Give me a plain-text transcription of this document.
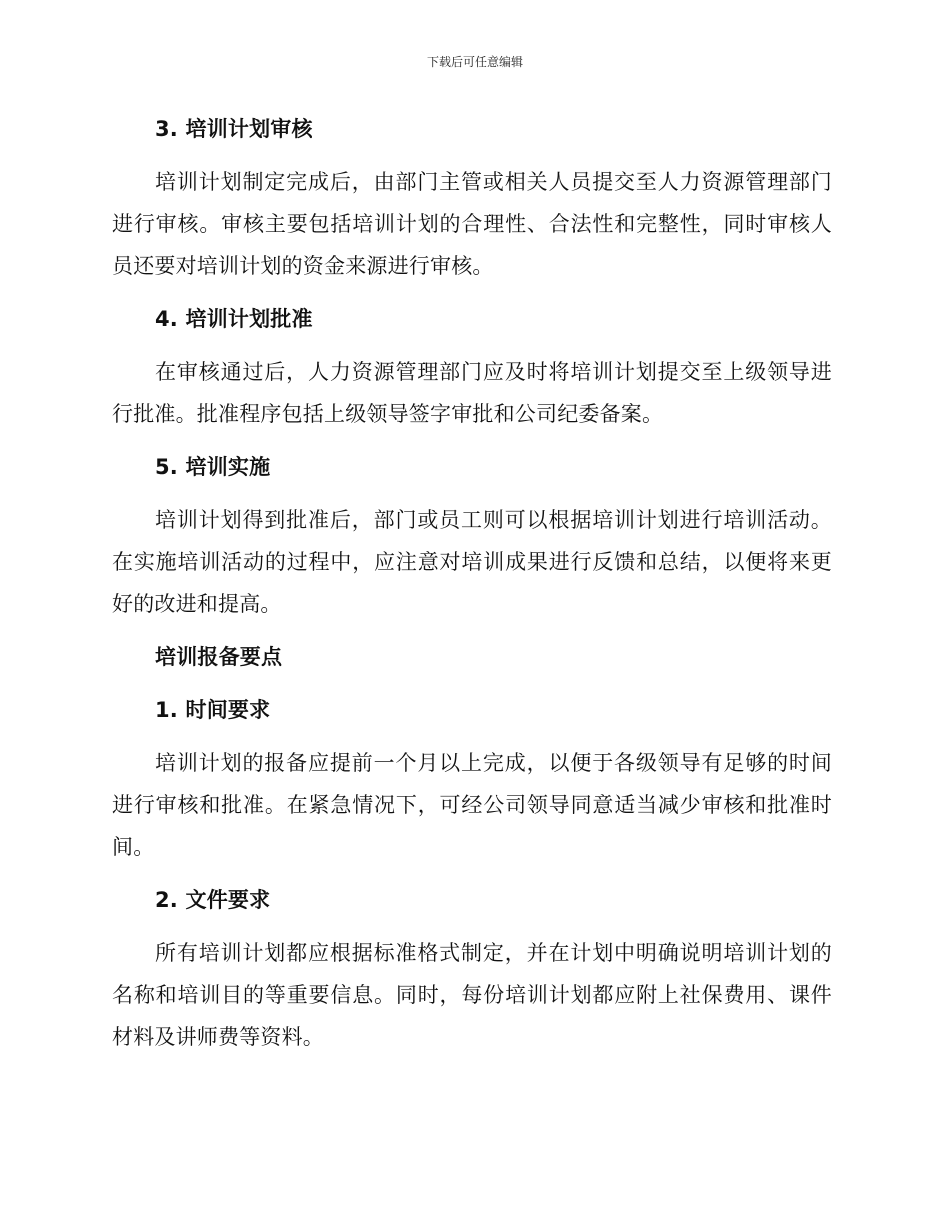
下载后可任意编辑
3. 培训计划审核

培训计划制定完成后，由部门主管或相关人员提交至人力资源管理部门进行审核。审核主要包括培训计划的合理性、合法性和完整性，同时审核人员还要对培训计划的资金来源进行审核。

4. 培训计划批准

在审核通过后，人力资源管理部门应及时将培训计划提交至上级领导进行批准。批准程序包括上级领导签字审批和公司纪委备案。

5. 培训实施

培训计划得到批准后，部门或员工则可以根据培训计划进行培训活动。在实施培训活动的过程中，应注意对培训成果进行反馈和总结，以便将来更好的改进和提高。

培训报备要点
1. 时间要求

培训计划的报备应提前一个月以上完成，以便于各级领导有足够的时间进行审核和批准。在紧急情况下，可经公司领导同意适当减少审核和批准时间。

2. 文件要求

所有培训计划都应根据标准格式制定，并在计划中明确说明培训计划的名称和培训目的等重要信息。同时，每份培训计划都应附上社保费用、课件材料及讲师费等资料。
